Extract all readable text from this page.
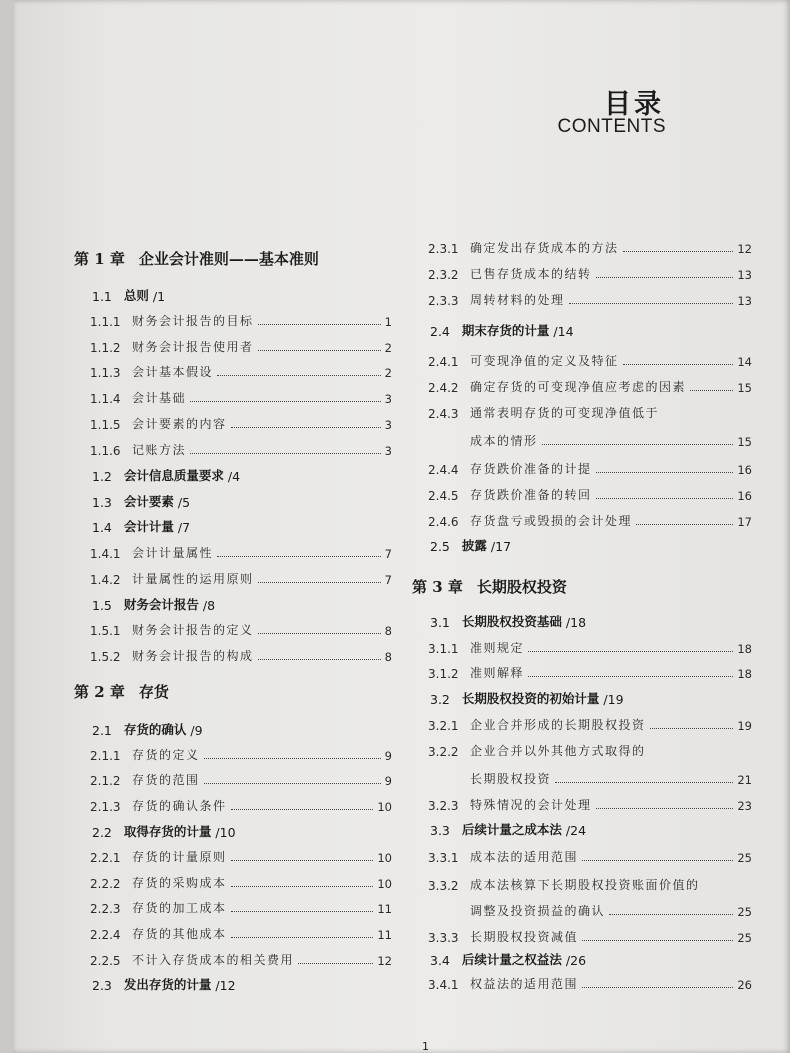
目录
CONTENTS
第 1 章 企业会计准则——基本准则
1.1 总则 /1
1.1.1 财务会计报告的目标	1
1.1.2 财务会计报告使用者	2
1.1.3 会计基本假设	2
1.1.4 会计基础	3
1.1.5 会计要素的内容	3
1.1.6 记账方法	3
1.2 会计信息质量要求 /4
1.3 会计要素 /5
1.4 会计计量 /7
1.4.1 会计计量属性	7
1.4.2 计量属性的运用原则	7
1.5 财务会计报告 /8
1.5.1 财务会计报告的定义	8
1.5.2 财务会计报告的构成	8
第 2 章 存货
2.1 存货的确认 /9
2.1.1 存货的定义	9
2.1.2 存货的范围	9
2.1.3 存货的确认条件	10
2.2 取得存货的计量 /10
2.2.1 存货的计量原则	10
2.2.2 存货的采购成本	10
2.2.3 存货的加工成本	11
2.2.4 存货的其他成本	11
2.2.5 不计入存货成本的相关费用	12
2.3 发出存货的计量 /12
2.3.1 确定发出存货成本的方法	12
2.3.2 已售存货成本的结转	13
2.3.3 周转材料的处理	13
2.4 期末存货的计量 /14
2.4.1 可变现净值的定义及特征	14
2.4.2 确定存货的可变现净值应考虑的因素	15
2.4.3 通常表明存货的可变现净值低于
成本的情形	15
2.4.4 存货跌价准备的计提	16
2.4.5 存货跌价准备的转回	16
2.4.6 存货盘亏或毁损的会计处理	17
2.5 披露 /17
第 3 章 长期股权投资
3.1 长期股权投资基础 /18
3.1.1 准则规定	18
3.1.2 准则解释	18
3.2 长期股权投资的初始计量 /19
3.2.1 企业合并形成的长期股权投资	19
3.2.2 企业合并以外其他方式取得的
长期股权投资	21
3.2.3 特殊情况的会计处理	23
3.3 后续计量之成本法 /24
3.3.1 成本法的适用范围	25
3.3.2 成本法核算下长期股权投资账面价值的
调整及投资损益的确认	25
3.3.3 长期股权投资减值	25
3.4 后续计量之权益法 /26
3.4.1 权益法的适用范围	26
1
